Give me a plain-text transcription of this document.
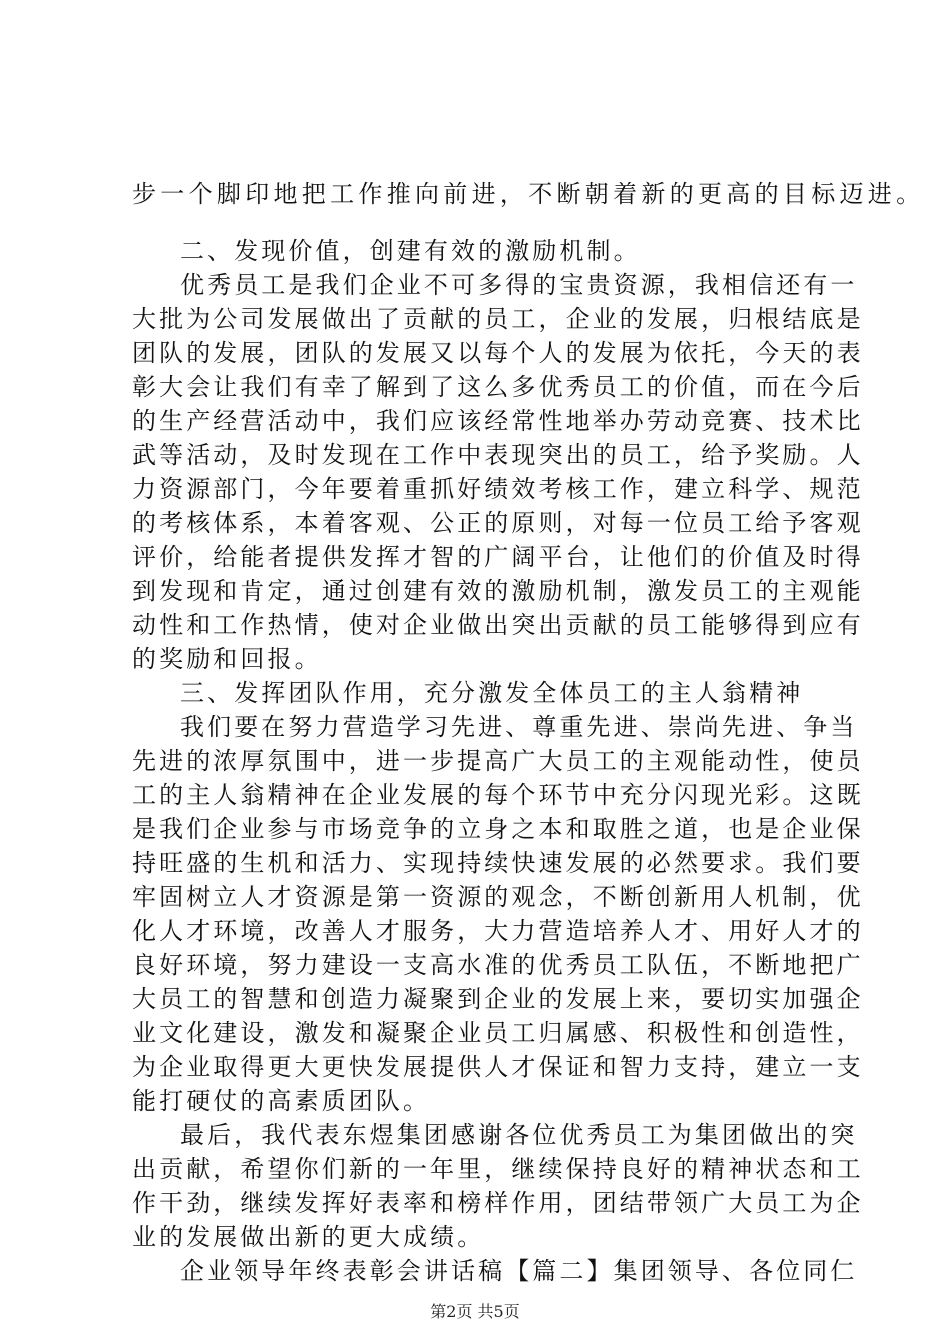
步一个脚印地把工作推向前进，不断朝着新的更高的目标迈进。
二、发现价值，创建有效的激励机制。
优秀员工是我们企业不可多得的宝贵资源，我相信还有一
大批为公司发展做出了贡献的员工，企业的发展，归根结底是
团队的发展，团队的发展又以每个人的发展为依托，今天的表
彰大会让我们有幸了解到了这么多优秀员工的价值，而在今后
的生产经营活动中，我们应该经常性地举办劳动竞赛、技术比
武等活动，及时发现在工作中表现突出的员工，给予奖励。人
力资源部门，今年要着重抓好绩效考核工作，建立科学、规范
的考核体系，本着客观、公正的原则，对每一位员工给予客观
评价，给能者提供发挥才智的广阔平台，让他们的价值及时得
到发现和肯定，通过创建有效的激励机制，激发员工的主观能
动性和工作热情，使对企业做出突出贡献的员工能够得到应有
的奖励和回报。
三、发挥团队作用，充分激发全体员工的主人翁精神
我们要在努力营造学习先进、尊重先进、崇尚先进、争当
先进的浓厚氛围中，进一步提高广大员工的主观能动性，使员
工的主人翁精神在企业发展的每个环节中充分闪现光彩。这既
是我们企业参与市场竞争的立身之本和取胜之道，也是企业保
持旺盛的生机和活力、实现持续快速发展的必然要求。我们要
牢固树立人才资源是第一资源的观念，不断创新用人机制，优
化人才环境，改善人才服务，大力营造培养人才、用好人才的
良好环境，努力建设一支高水准的优秀员工队伍，不断地把广
大员工的智慧和创造力凝聚到企业的发展上来，要切实加强企
业文化建设，激发和凝聚企业员工归属感、积极性和创造性，
为企业取得更大更快发展提供人才保证和智力支持，建立一支
能打硬仗的高素质团队。
最后，我代表东煜集团感谢各位优秀员工为集团做出的突
出贡献，希望你们新的一年里，继续保持良好的精神状态和工
作干劲，继续发挥好表率和榜样作用，团结带领广大员工为企
业的发展做出新的更大成绩。
企业领导年终表彰会讲话稿【篇二】集团领导、各位同仁
第2页 共5页
